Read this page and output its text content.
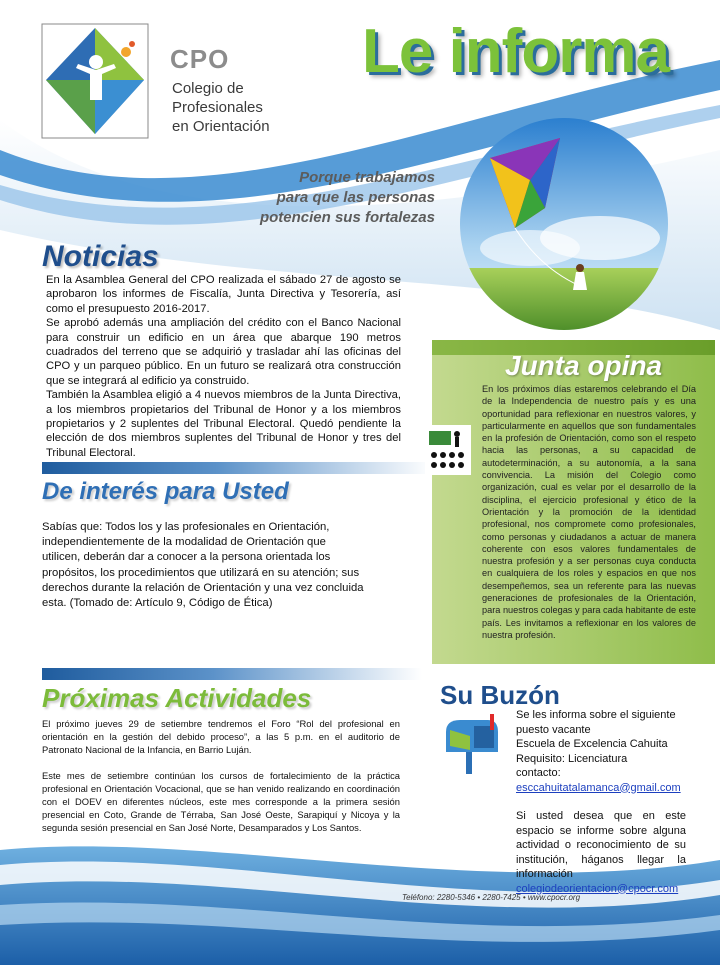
CPO
Colegio de
Profesionales
en Orientación
Le informa
Porque trabajamos
para que las personas
potencien sus fortalezas
Noticias

En la Asamblea General del CPO realizada el sábado 27 de agosto se aprobaron los informes de Fiscalía, Junta Directiva y Tesorería, así como el presupuesto 2016-2017.

Se aprobó además una ampliación del crédito con el Banco Nacional para construir un edificio en un área que abarque 190 metros cuadrados del terreno que se adquirió y trasladar ahí las oficinas del CPO y un parqueo público. En un futuro se realizará otra construcción que se integrará al edificio ya construido.

También la Asamblea eligió a 4 nuevos miembros de la Junta Directiva, a los miembros propietarios del Tribunal de Honor y a los miembros propietarios y 2 suplentes del Tribunal Electoral. Quedó pendiente la elección de dos miembros suplentes del Tribunal de Honor y tres del Tribunal Electoral.

De interés para Usted
Sabías que: Todos los y las profesionales en Orientación, independientemente de la modalidad de Orientación que utilicen, deberán dar a conocer a la persona orientada los propósitos, los procedimientos que utilizará en su atención; sus derechos durante la relación de Orientación y una vez concluida esta. (Tomado de: Artículo 9, Código de Ética)
Junta opina
En los próximos días estaremos celebrando el Día de la Independencia de nuestro país y es una oportunidad para reflexionar en nuestros valores, y particularmente en aquellos que son fundamentales en la profesión de Orientación, como son el respeto hacia las personas, a su capacidad de autodeterminación, a su autonomía, a la sana convivencia. La misión del Colegio como organización, cual es velar por el desarrollo de la disciplina, el ejercicio profesional y ético de la Orientación y la promoción de la identidad profesional, nos compromete como profesionales, como personas y ciudadanos a actuar de manera coherente con esos valores fundamentales de nuestra profesión y a ser personas cuya conducta en cualquiera de los roles y espacios en que nos desempeñemos, sea un referente para las nuevas generaciones de profesionales de la Orientación, para nuestros colegas y para cada habitante de este país. Les invitamos a reflexionar en los valores de nuestra profesión.
Próximas Actividades

El próximo jueves 29 de setiembre tendremos el Foro “Rol del profesional en orientación en la gestión del debido proceso”, a las 5 p.m. en el auditorio de Patronato Nacional de la Infancia, en Barrio Luján.

Este mes de setiembre continúan los cursos de fortalecimiento de la práctica profesional en Orientación Vocacional, que se han venido realizando en coordinación con el DOEV en diferentes núcleos, este mes corresponde a la primera sesión presencial en Coto, Grande de Térraba, San José Oeste, Sarapiquí y Nicoya y la segunda sesión presencial en San José Norte, Desamparados y Los Santos.

Su Buzón
Se les informa sobre el siguiente puesto vacante
Escuela de Excelencia Cahuita
Requisito: Licenciatura
contacto:
esccahuitatalamanca@gmail.com
Si usted desea que en este espacio se informe sobre alguna actividad o reconocimiento de su institución, háganos llegar la información
colegiodeorientacion@cpocr.com
Teléfono: 2280-5346 • 2280-7425 • www.cpocr.org
